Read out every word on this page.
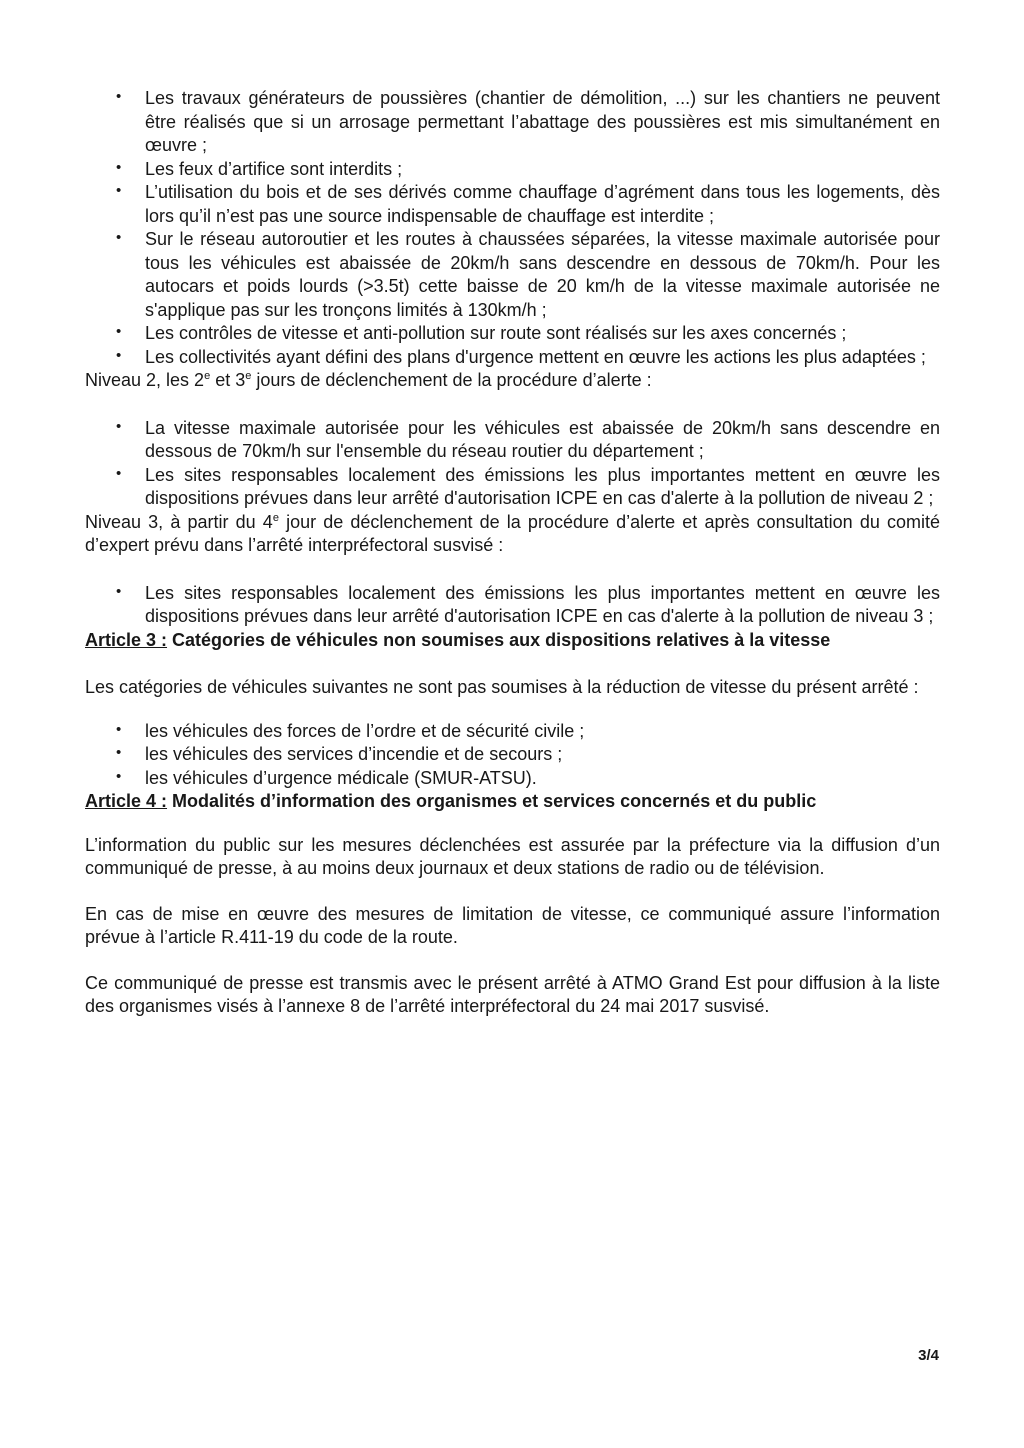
• Les travaux générateurs de poussières (chantier de démolition, ...) sur les chantiers ne peuvent être réalisés que si un arrosage permettant l’abattage des poussières est mis simultanément en œuvre ;
• Les feux d’artifice sont interdits ;
• L’utilisation du bois et de ses dérivés comme chauffage d’agrément dans tous les logements, dès lors qu’il n’est pas une source indispensable de chauffage est interdite ;
• Sur le réseau autoroutier et les routes à chaussées séparées, la vitesse maximale autorisée pour tous les véhicules est abaissée de 20km/h sans descendre en dessous de 70km/h. Pour les autocars et poids lourds (>3.5t) cette baisse de 20 km/h de la vitesse maximale autorisée ne s'applique pas sur les tronçons limités à 130km/h ;
• Les contrôles de vitesse et anti-pollution sur route sont réalisés sur les axes concernés ;
• Les collectivités ayant défini des plans d'urgence mettent en œuvre les actions les plus adaptées ;

Niveau 2, les 2e et 3e jours de déclenchement de la procédure d’alerte :

• La vitesse maximale autorisée pour les véhicules est abaissée de 20km/h sans descendre en dessous de 70km/h sur l'ensemble du réseau routier du département ;
• Les sites responsables localement des émissions les plus importantes mettent en œuvre les dispositions prévues dans leur arrêté d'autorisation ICPE en cas d'alerte à la pollution de niveau 2 ;

Niveau 3, à partir du 4e jour de déclenchement de la procédure d’alerte et après consultation du comité d’expert prévu dans l’arrêté interpréfectoral susvisé :

• Les sites responsables localement des émissions les plus importantes mettent en œuvre les dispositions prévues dans leur arrêté d'autorisation ICPE en cas d'alerte à la pollution de niveau 3 ;

Article 3 : Catégories de véhicules non soumises aux dispositions relatives à la vitesse

Les catégories de véhicules suivantes ne sont pas soumises à la réduction de vitesse du présent arrêté :

• les véhicules des forces de l’ordre et de sécurité civile ;
• les véhicules des services d’incendie et de secours ;
• les véhicules d’urgence médicale (SMUR-ATSU).

Article 4 : Modalités d’information des organismes et services concernés et du public

L’information du public sur les mesures déclenchées est assurée par la préfecture via la diffusion d’un communiqué de presse, à au moins deux journaux et deux stations de radio ou de télévision.

En cas de mise en œuvre des mesures de limitation de vitesse, ce communiqué assure l’information prévue à l’article R.411-19 du code de la route.

Ce communiqué de presse est transmis avec le présent arrêté à ATMO Grand Est pour diffusion à la liste des organismes visés à l’annexe 8 de l’arrêté interpréfectoral du 24 mai 2017 susvisé.

3/4
